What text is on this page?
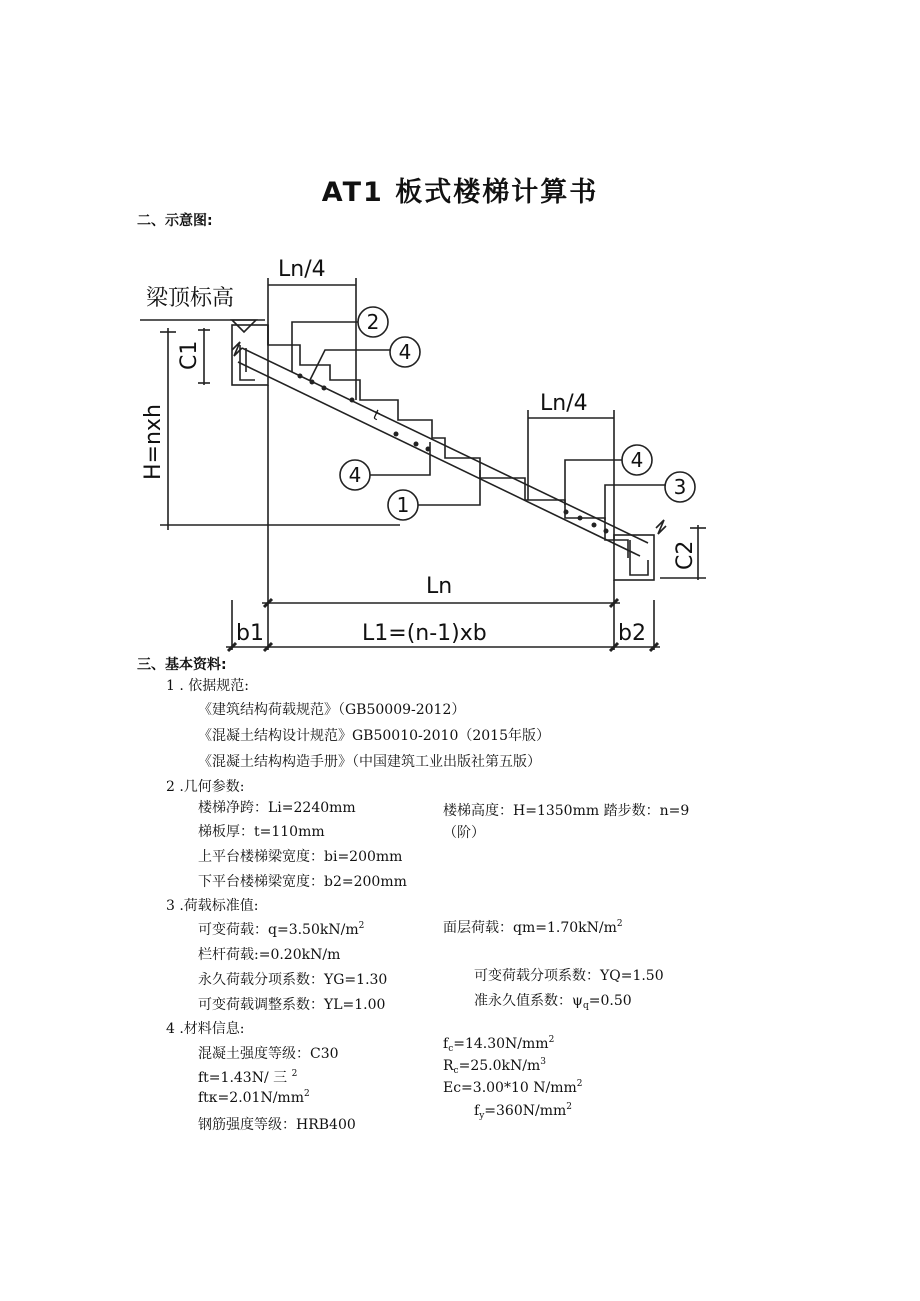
AT1 板式楼梯计算书
二、示意图:
梁顶标高
Ln/4
Ln/4
Ln
b1	L1=(n-1)xb	b2
C1
H=nxh
C2
t
2
4
4
1
4
3
三、基本资料:
1 . 依据规范:
《建筑结构荷载规范》（GB50009-2012）
《混凝土结构设计规范》GB50010-2010（2015年版）
《混凝土结构构造手册》（中国建筑工业出版社第五版）
2 .几何参数:
楼梯净跨：Li=2240mm	楼梯高度：H=1350mm 踏步数：n=9
（阶）
梯板厚：t=110mm
上平台楼梯梁宽度：bi=200mm
下平台楼梯梁宽度：b2=200mm
3 .荷载标准值:
可变荷载：$q=3.50kN/m^2$	面层荷载：$qm=1.70kN/m^2$
栏杆荷载:=0.20kN/m
永久荷载分项系数：YG=1.30	可变荷载分项系数：YQ=1.50
可变荷载调整系数：YL=1.00	准永久值系数：$\psi_q=0.50$
4 .材料信息:
混凝土强度等级：C30
$f_c=14.30N/mm^2$
ft=1.43N/ 三 $^2$	$R_c=25.0kN/m^3$
$ft\kappa=2.01N/mm^2$	Ec=3.00*10 $N/mm^2$
钢筋强度等级：HRB400
$f_y=360N/mm^2$
